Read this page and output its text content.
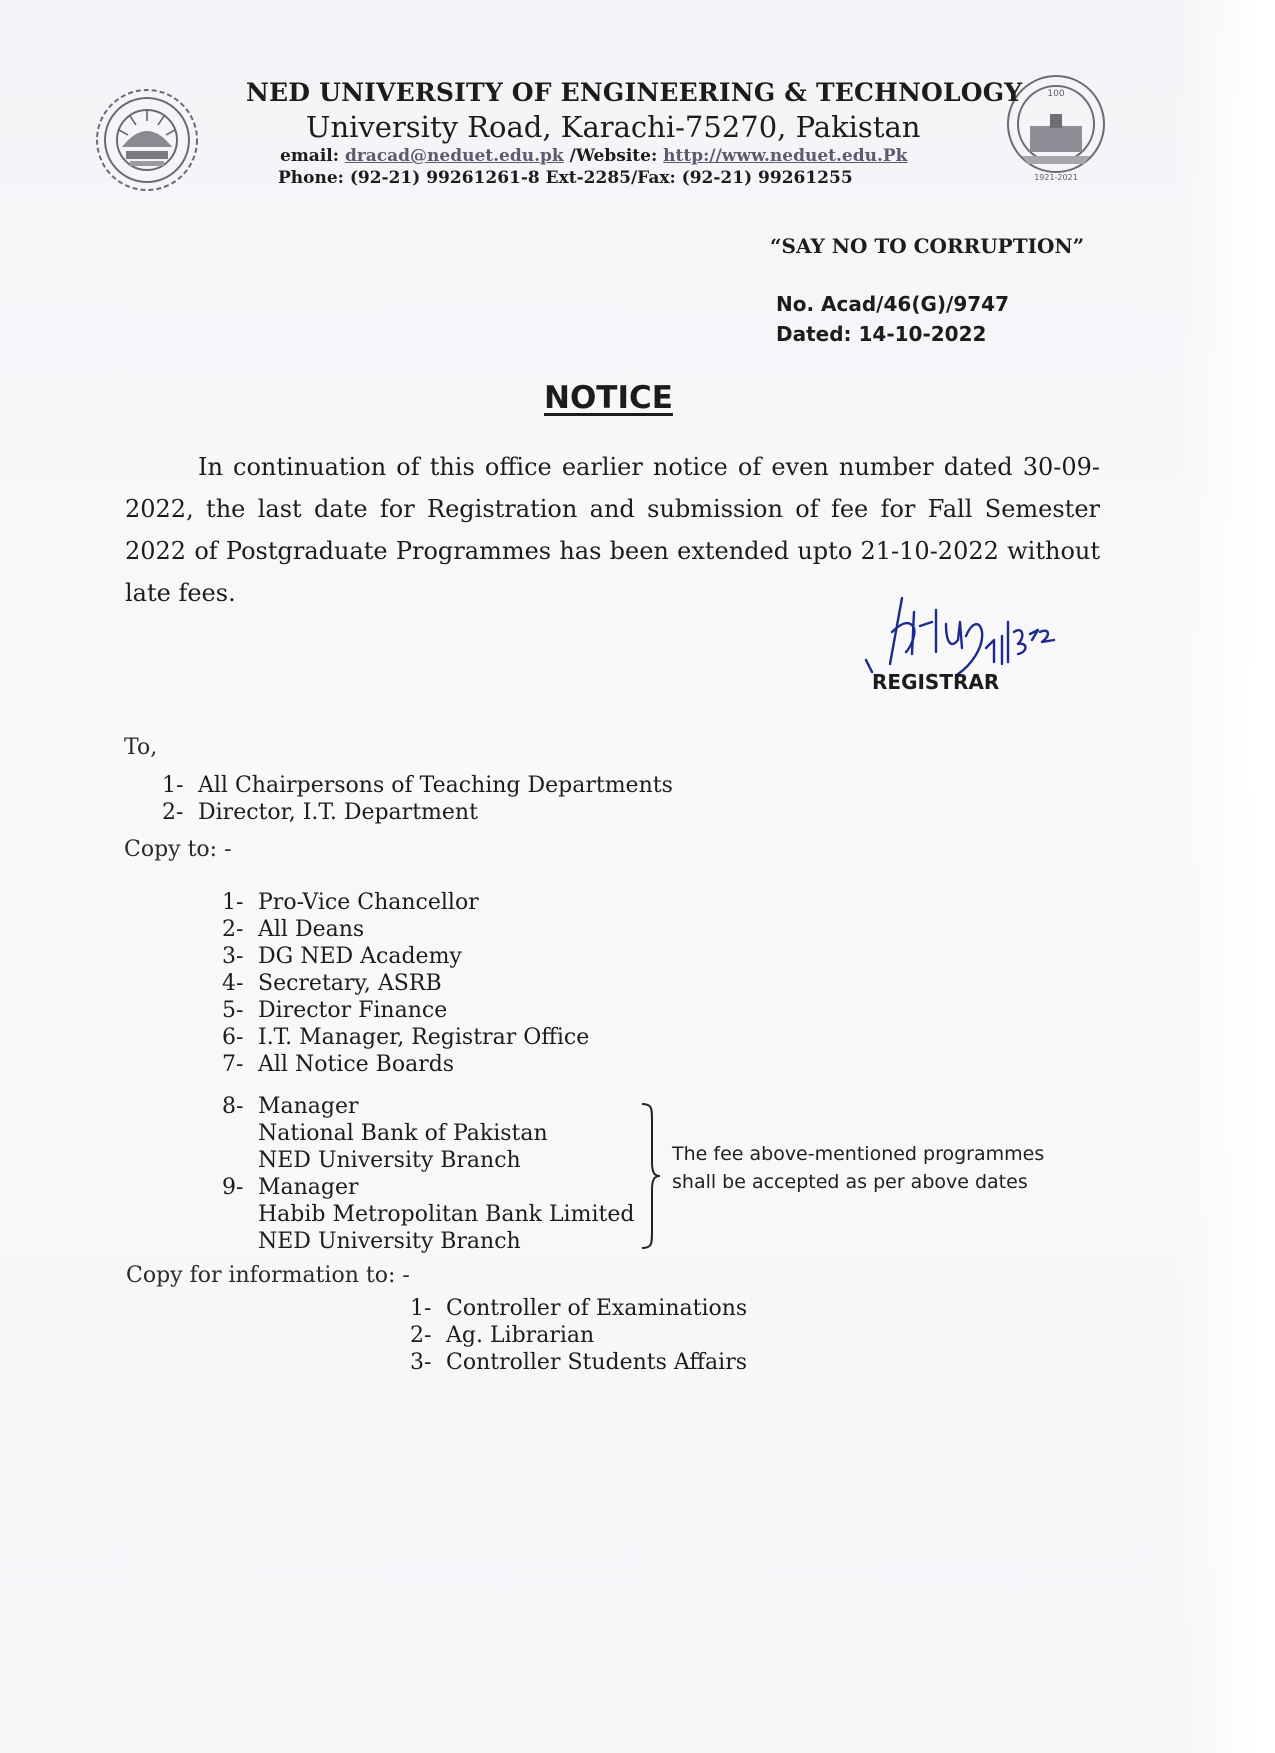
100
1921-2021
NED UNIVERSITY OF ENGINEERING & TECHNOLOGY
University Road, Karachi-75270, Pakistan
email: dracad@neduet.edu.pk /Website: http://www.neduet.edu.Pk
Phone: (92-21) 99261261-8 Ext-2285/Fax: (92-21) 99261255
“SAY NO TO CORRUPTION”
No. Acad/46(G)/9747
Dated: 14-10-2022
NOTICE
In continuation of this office earlier notice of even number dated 30-09-2022, the last date for Registration and submission of fee for Fall Semester 2022 of Postgraduate Programmes has been extended upto 21-10-2022 without late fees.
REGISTRAR
To,
1- All Chairpersons of Teaching Departments
2- Director, I.T. Department
Copy to: -
1- Pro-Vice Chancellor
2- All Deans
3- DG NED Academy
4- Secretary, ASRB
5- Director Finance
6- I.T. Manager, Registrar Office
7- All Notice Boards
8- Manager
National Bank of Pakistan
NED University Branch
9- Manager
Habib Metropolitan Bank Limited
NED University Branch
The fee above-mentioned programmes
shall be accepted as per above dates
Copy for information to: -
1- Controller of Examinations
2- Ag. Librarian
3- Controller Students Affairs
